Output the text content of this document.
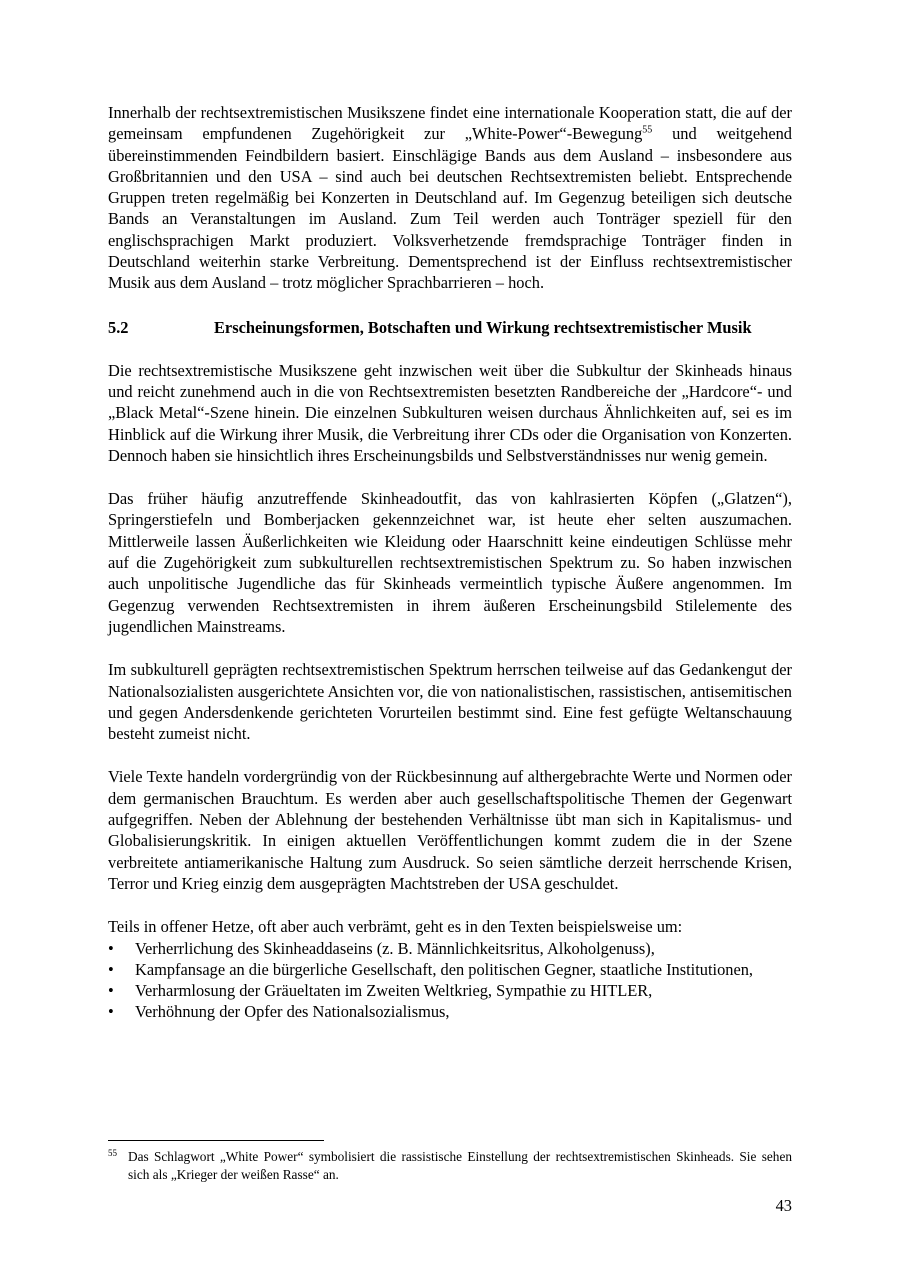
Innerhalb der rechtsextremistischen Musikszene findet eine internationale Kooperation statt, die auf der gemeinsam empfundenen Zugehörigkeit zur „White-Power“-Bewegung$^{55}$ und weitgehend übereinstimmenden Feindbildern basiert. Einschlägige Bands aus dem Ausland – insbesondere aus Großbritannien und den USA – sind auch bei deutschen Rechtsextremisten beliebt. Entsprechende Gruppen treten regelmäßig bei Konzerten in Deutschland auf. Im Gegenzug beteiligen sich deutsche Bands an Veranstaltungen im Ausland. Zum Teil werden auch Tonträger speziell für den englischsprachigen Markt produziert. Volksverhetzende fremdsprachige Tonträger finden in Deutschland weiterhin starke Verbreitung. Dementsprechend ist der Einfluss rechtsextremistischer Musik aus dem Ausland – trotz möglicher Sprachbarrieren – hoch.

5.2	Erscheinungsformen, Botschaften und Wirkung rechtsextremistischer Musik

Die rechtsextremistische Musikszene geht inzwischen weit über die Subkultur der Skinheads hinaus und reicht zunehmend auch in die von Rechtsextremisten besetzten Randbereiche der „Hardcore“- und „Black Metal“-Szene hinein. Die einzelnen Subkulturen weisen durchaus Ähnlichkeiten auf, sei es im Hinblick auf die Wirkung ihrer Musik, die Verbreitung ihrer CDs oder die Organisation von Konzerten. Dennoch haben sie hinsichtlich ihres Erscheinungsbilds und Selbstverständnisses nur wenig gemein.

Das früher häufig anzutreffende Skinheadoutfit, das von kahlrasierten Köpfen („Glatzen“), Springerstiefeln und Bomberjacken gekennzeichnet war, ist heute eher selten auszumachen. Mittlerweile lassen Äußerlichkeiten wie Kleidung oder Haarschnitt keine eindeutigen Schlüsse mehr auf die Zugehörigkeit zum subkulturellen rechtsextremistischen Spektrum zu. So haben inzwischen auch unpolitische Jugendliche das für Skinheads vermeintlich typische Äußere angenommen. Im Gegenzug verwenden Rechtsextremisten in ihrem äußeren Erscheinungsbild Stilelemente des jugendlichen Mainstreams.

Im subkulturell geprägten rechtsextremistischen Spektrum herrschen teilweise auf das Gedankengut der Nationalsozialisten ausgerichtete Ansichten vor, die von nationalistischen, rassistischen, antisemitischen und gegen Andersdenkende gerichteten Vorurteilen bestimmt sind. Eine fest gefügte Weltanschauung besteht zumeist nicht.

Viele Texte handeln vordergründig von der Rückbesinnung auf althergebrachte Werte und Normen oder dem germanischen Brauchtum. Es werden aber auch gesellschaftspolitische Themen der Gegenwart aufgegriffen. Neben der Ablehnung der bestehenden Verhältnisse übt man sich in Kapitalismus- und Globalisierungskritik. In einigen aktuellen Veröffentlichungen kommt zudem die in der Szene verbreitete antiamerikanische Haltung zum Ausdruck. So seien sämtliche derzeit herrschende Krisen, Terror und Krieg einzig dem ausgeprägten Machtstreben der USA geschuldet.

Teils in offener Hetze, oft aber auch verbrämt, geht es in den Texten beispielsweise um:

• Verherrlichung des Skinheaddaseins (z. B. Männlichkeitsritus, Alkoholgenuss),
• Kampfansage an die bürgerliche Gesellschaft, den politischen Gegner, staatliche Institutionen,
• Verharmlosung der Gräueltaten im Zweiten Weltkrieg, Sympathie zu HITLER,
• Verhöhnung der Opfer des Nationalsozialismus,
55 Das Schlagwort „White Power“ symbolisiert die rassistische Einstellung der rechtsextremistischen Skinheads. Sie sehen sich als „Krieger der weißen Rasse“ an.
43
